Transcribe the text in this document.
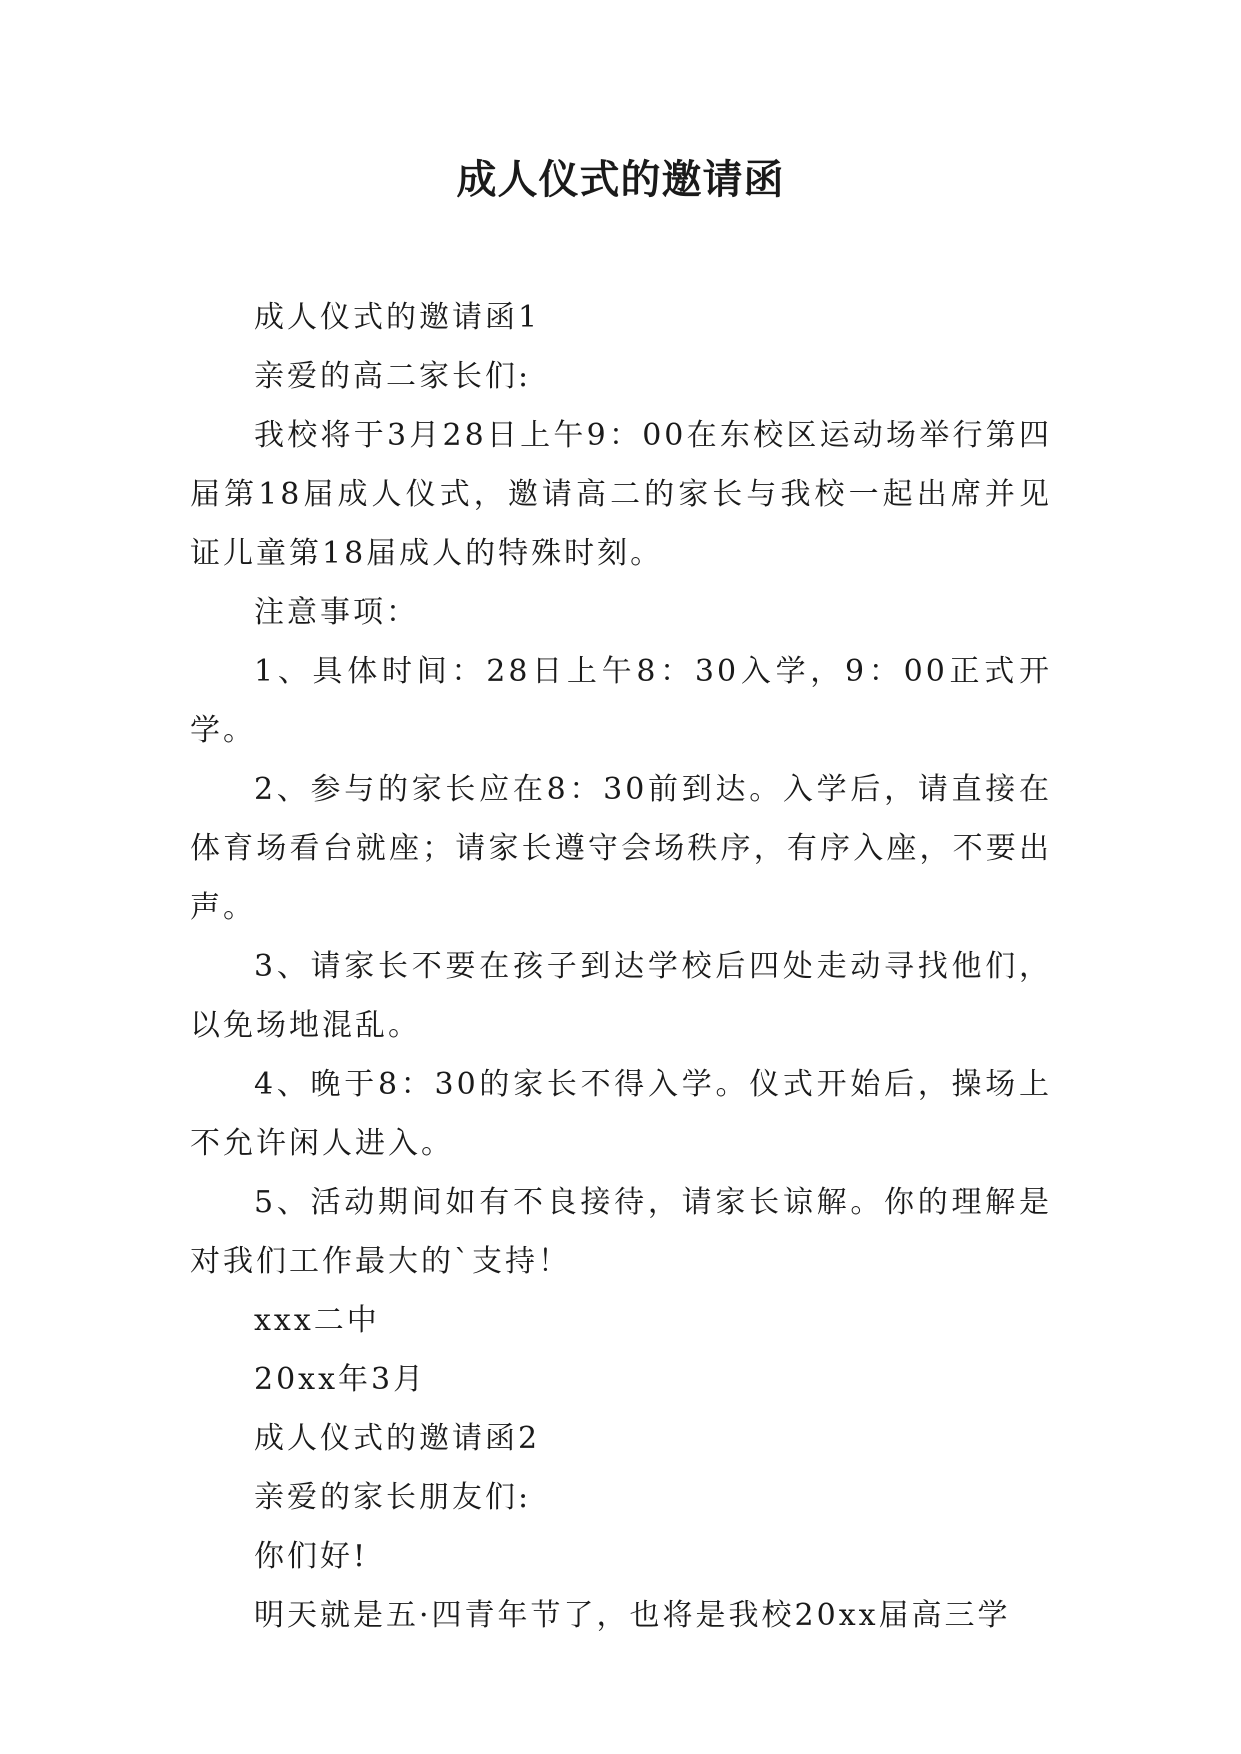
成人仪式的邀请函

成人仪式的邀请函1

亲爱的高二家长们:

我校将于3月28日上午9：00在东校区运动场举行第四届第18届成人仪式，邀请高二的家长与我校一起出席并见证儿童第18届成人的特殊时刻。

注意事项：

1、具体时间：28日上午8：30入学，9：00正式开学。

2、参与的家长应在8：30前到达。入学后，请直接在体育场看台就座；请家长遵守会场秩序，有序入座，不要出声。

3、请家长不要在孩子到达学校后四处走动寻找他们，以免场地混乱。

4、晚于8：30的家长不得入学。仪式开始后，操场上不允许闲人进入。

5、活动期间如有不良接待，请家长谅解。你的理解是对我们工作最大的`支持！

xxx二中

20xx年3月

成人仪式的邀请函2

亲爱的家长朋友们:

你们好!

明天就是五·四青年节了，也将是我校20xx届高三学
